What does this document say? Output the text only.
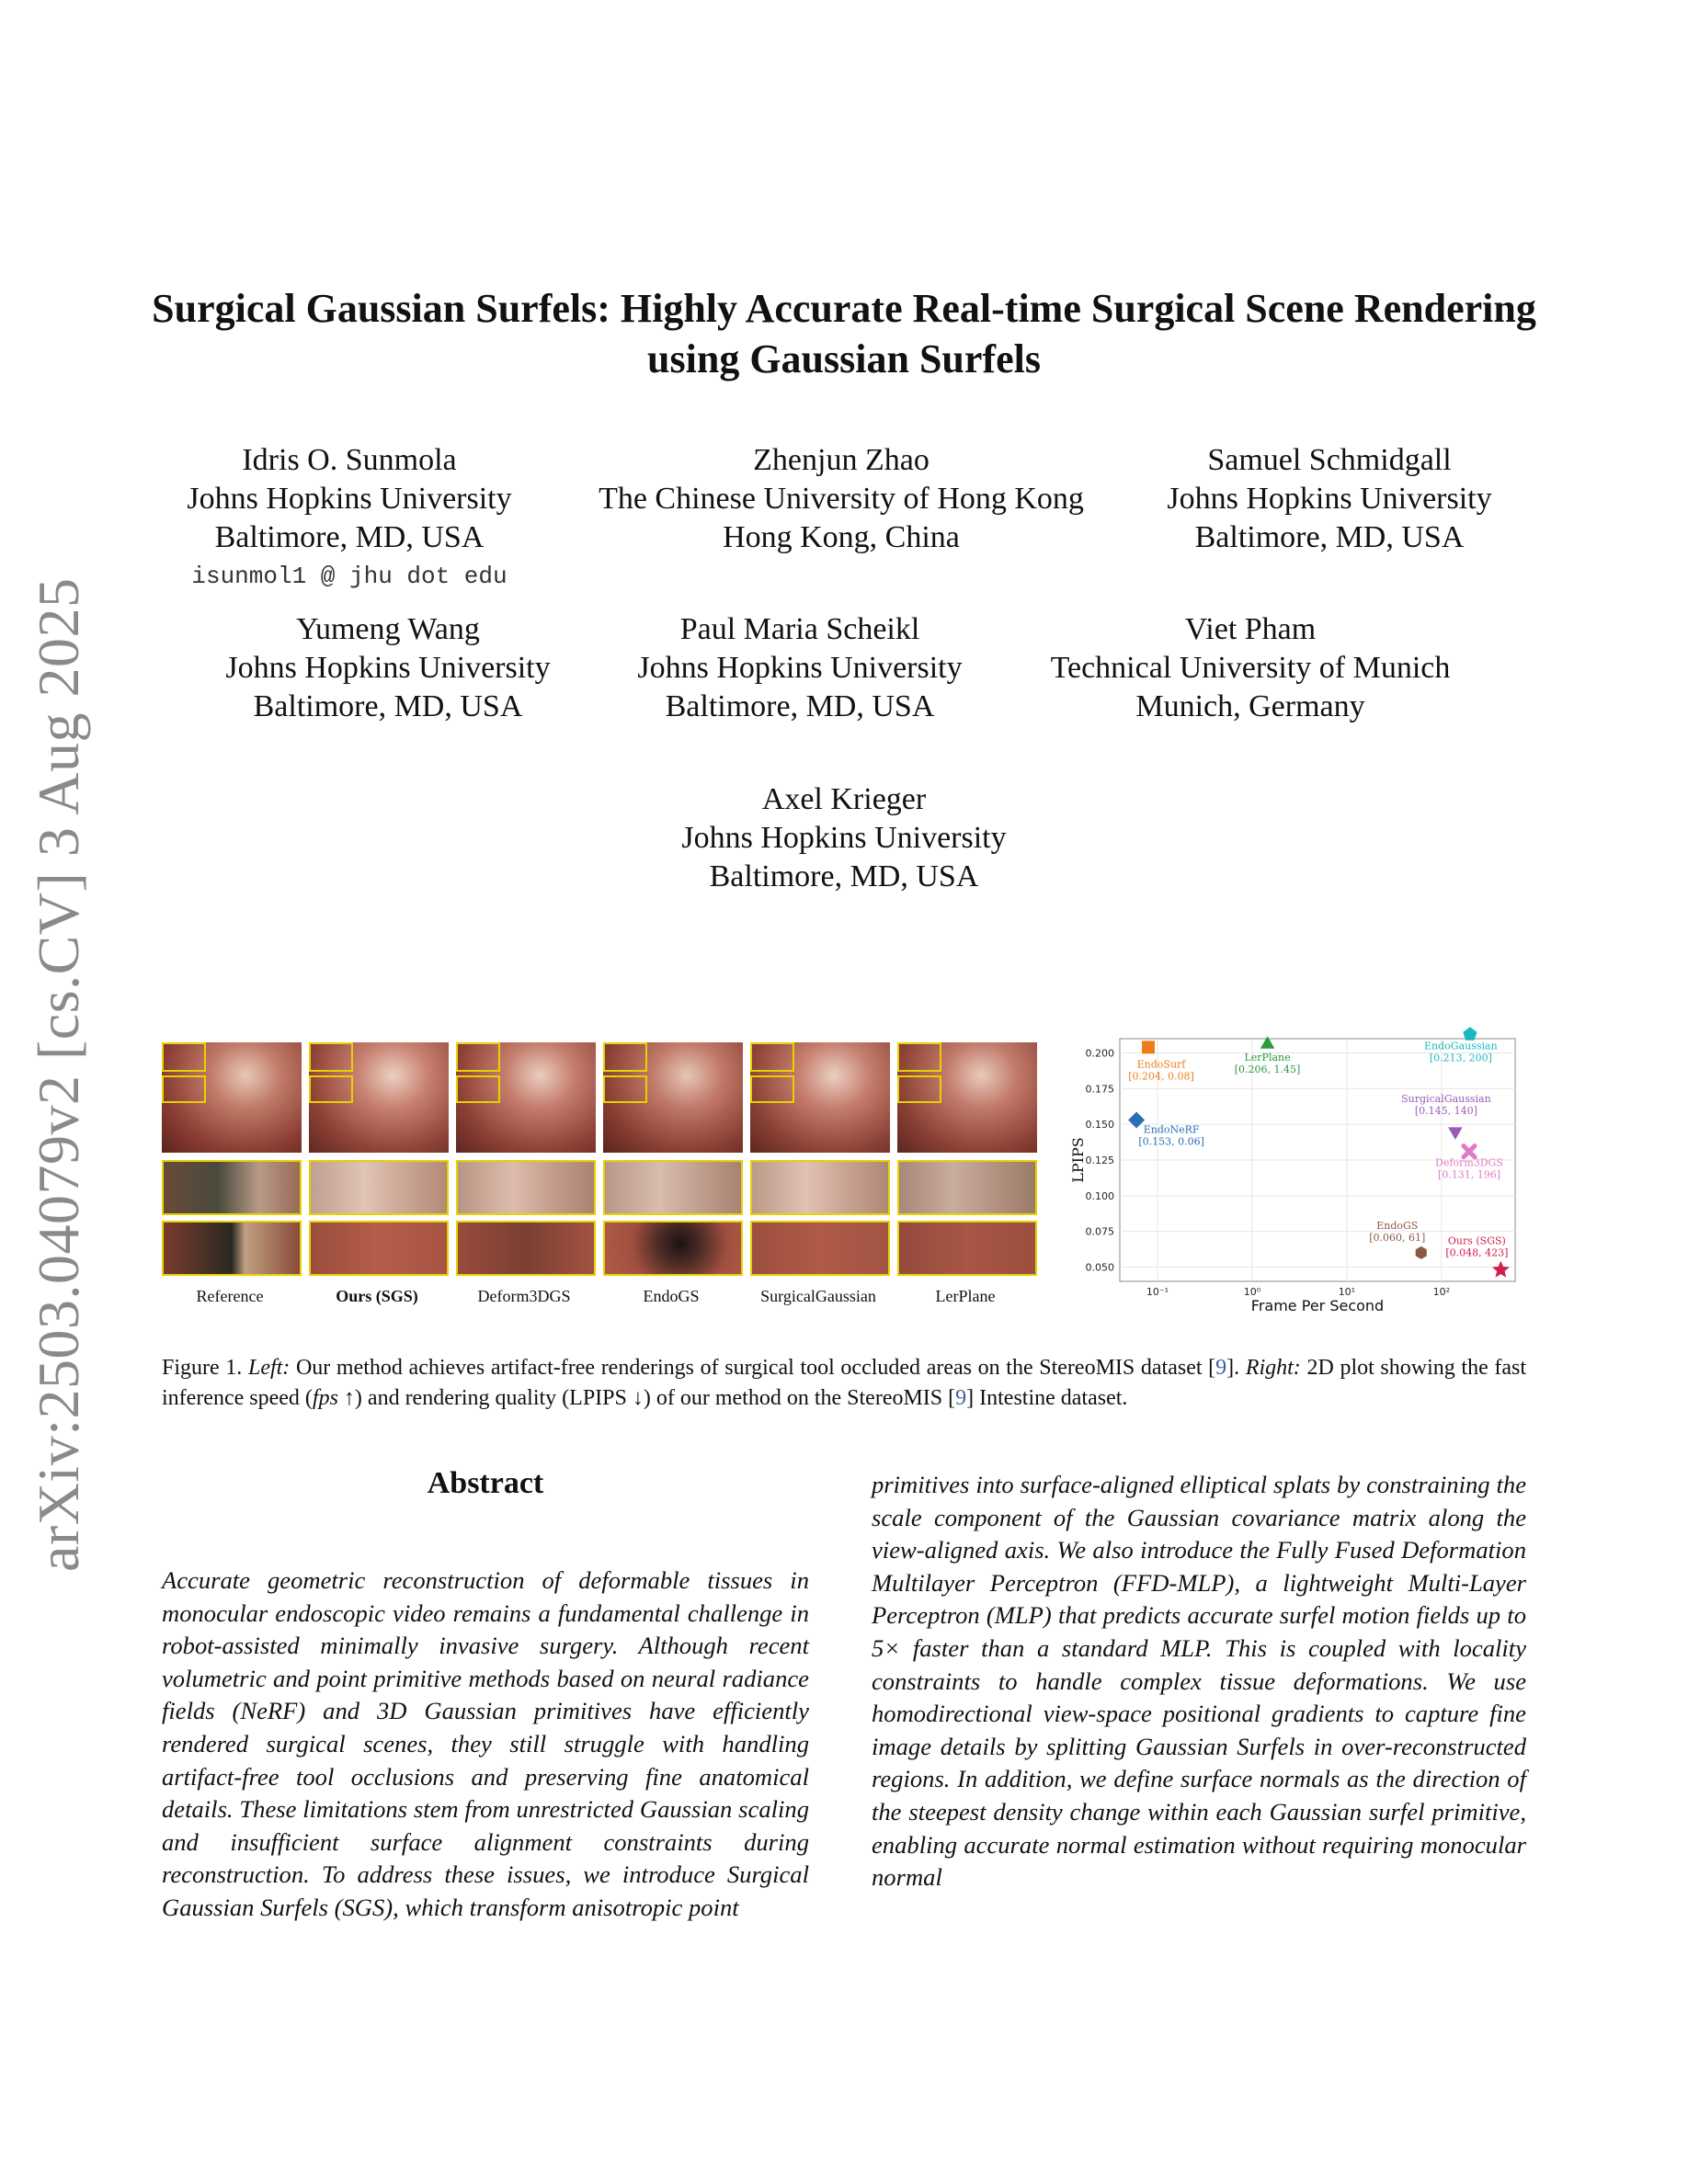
arXiv:2503.04079v2 [cs.CV] 3 Aug 2025
Surgical Gaussian Surfels: Highly Accurate Real-time Surgical Scene Rendering
using Gaussian Surfels
Idris O. Sunmola
Johns Hopkins University
Baltimore, MD, USA
isunmol1 @ jhu dot edu
Zhenjun Zhao
The Chinese University of Hong Kong
Hong Kong, China
Samuel Schmidgall
Johns Hopkins University
Baltimore, MD, USA
Yumeng Wang
Johns Hopkins University
Baltimore, MD, USA
Paul Maria Scheikl
Johns Hopkins University
Baltimore, MD, USA
Viet Pham
Technical University of Munich
Munich, Germany
Axel Krieger
Johns Hopkins University
Baltimore, MD, USA
Reference	Ours (SGS)	Deform3DGS	EndoGS	SurgicalGaussian	LerPlane
0.050
0.075
0.100
0.125
0.150
0.175
0.200
10⁻¹	10⁰	10¹	10²
Frame Per Second
LPIPS
EndoSurf
[0.204, 0.08]
LerPlane
[0.206, 1.45]
EndoGaussian
[0.213, 200]
EndoNeRF
[0.153, 0.06]
SurgicalGaussian
[0.145, 140]
Deform3DGS
[0.131, 196]
EndoGS
[0.060, 61] Ours (SGS)
[0.048, 423]
Figure 1. Left: Our method achieves artifact-free renderings of surgical tool occluded areas on the StereoMIS dataset [9]. Right: 2D plot showing the fast inference speed (fps ↑) and rendering quality (LPIPS ↓) of our method on the StereoMIS [9] Intestine dataset.
Abstract

Accurate geometric reconstruction of deformable tissues in monocular endoscopic video remains a fundamental challenge in robot-assisted minimally invasive surgery. Although recent volumetric and point primitive methods based on neural radiance fields (NeRF) and 3D Gaussian primitives have efficiently rendered surgical scenes, they still struggle with handling artifact-free tool occlusions and preserving fine anatomical details. These limitations stem from unrestricted Gaussian scaling and insufficient surface alignment constraints during reconstruction. To address these issues, we introduce Surgical Gaussian Surfels (SGS), which transform anisotropic point

primitives into surface-aligned elliptical splats by constraining the scale component of the Gaussian covariance matrix along the view-aligned axis. We also introduce the Fully Fused Deformation Multilayer Perceptron (FFD-MLP), a lightweight Multi-Layer Perceptron (MLP) that predicts accurate surfel motion fields up to 5× faster than a standard MLP. This is coupled with locality constraints to handle complex tissue deformations. We use homodirectional view-space positional gradients to capture fine image details by splitting Gaussian Surfels in over-reconstructed regions. In addition, we define surface normals as the direction of the steepest density change within each Gaussian surfel primitive, enabling accurate normal estimation without requiring monocular normal
